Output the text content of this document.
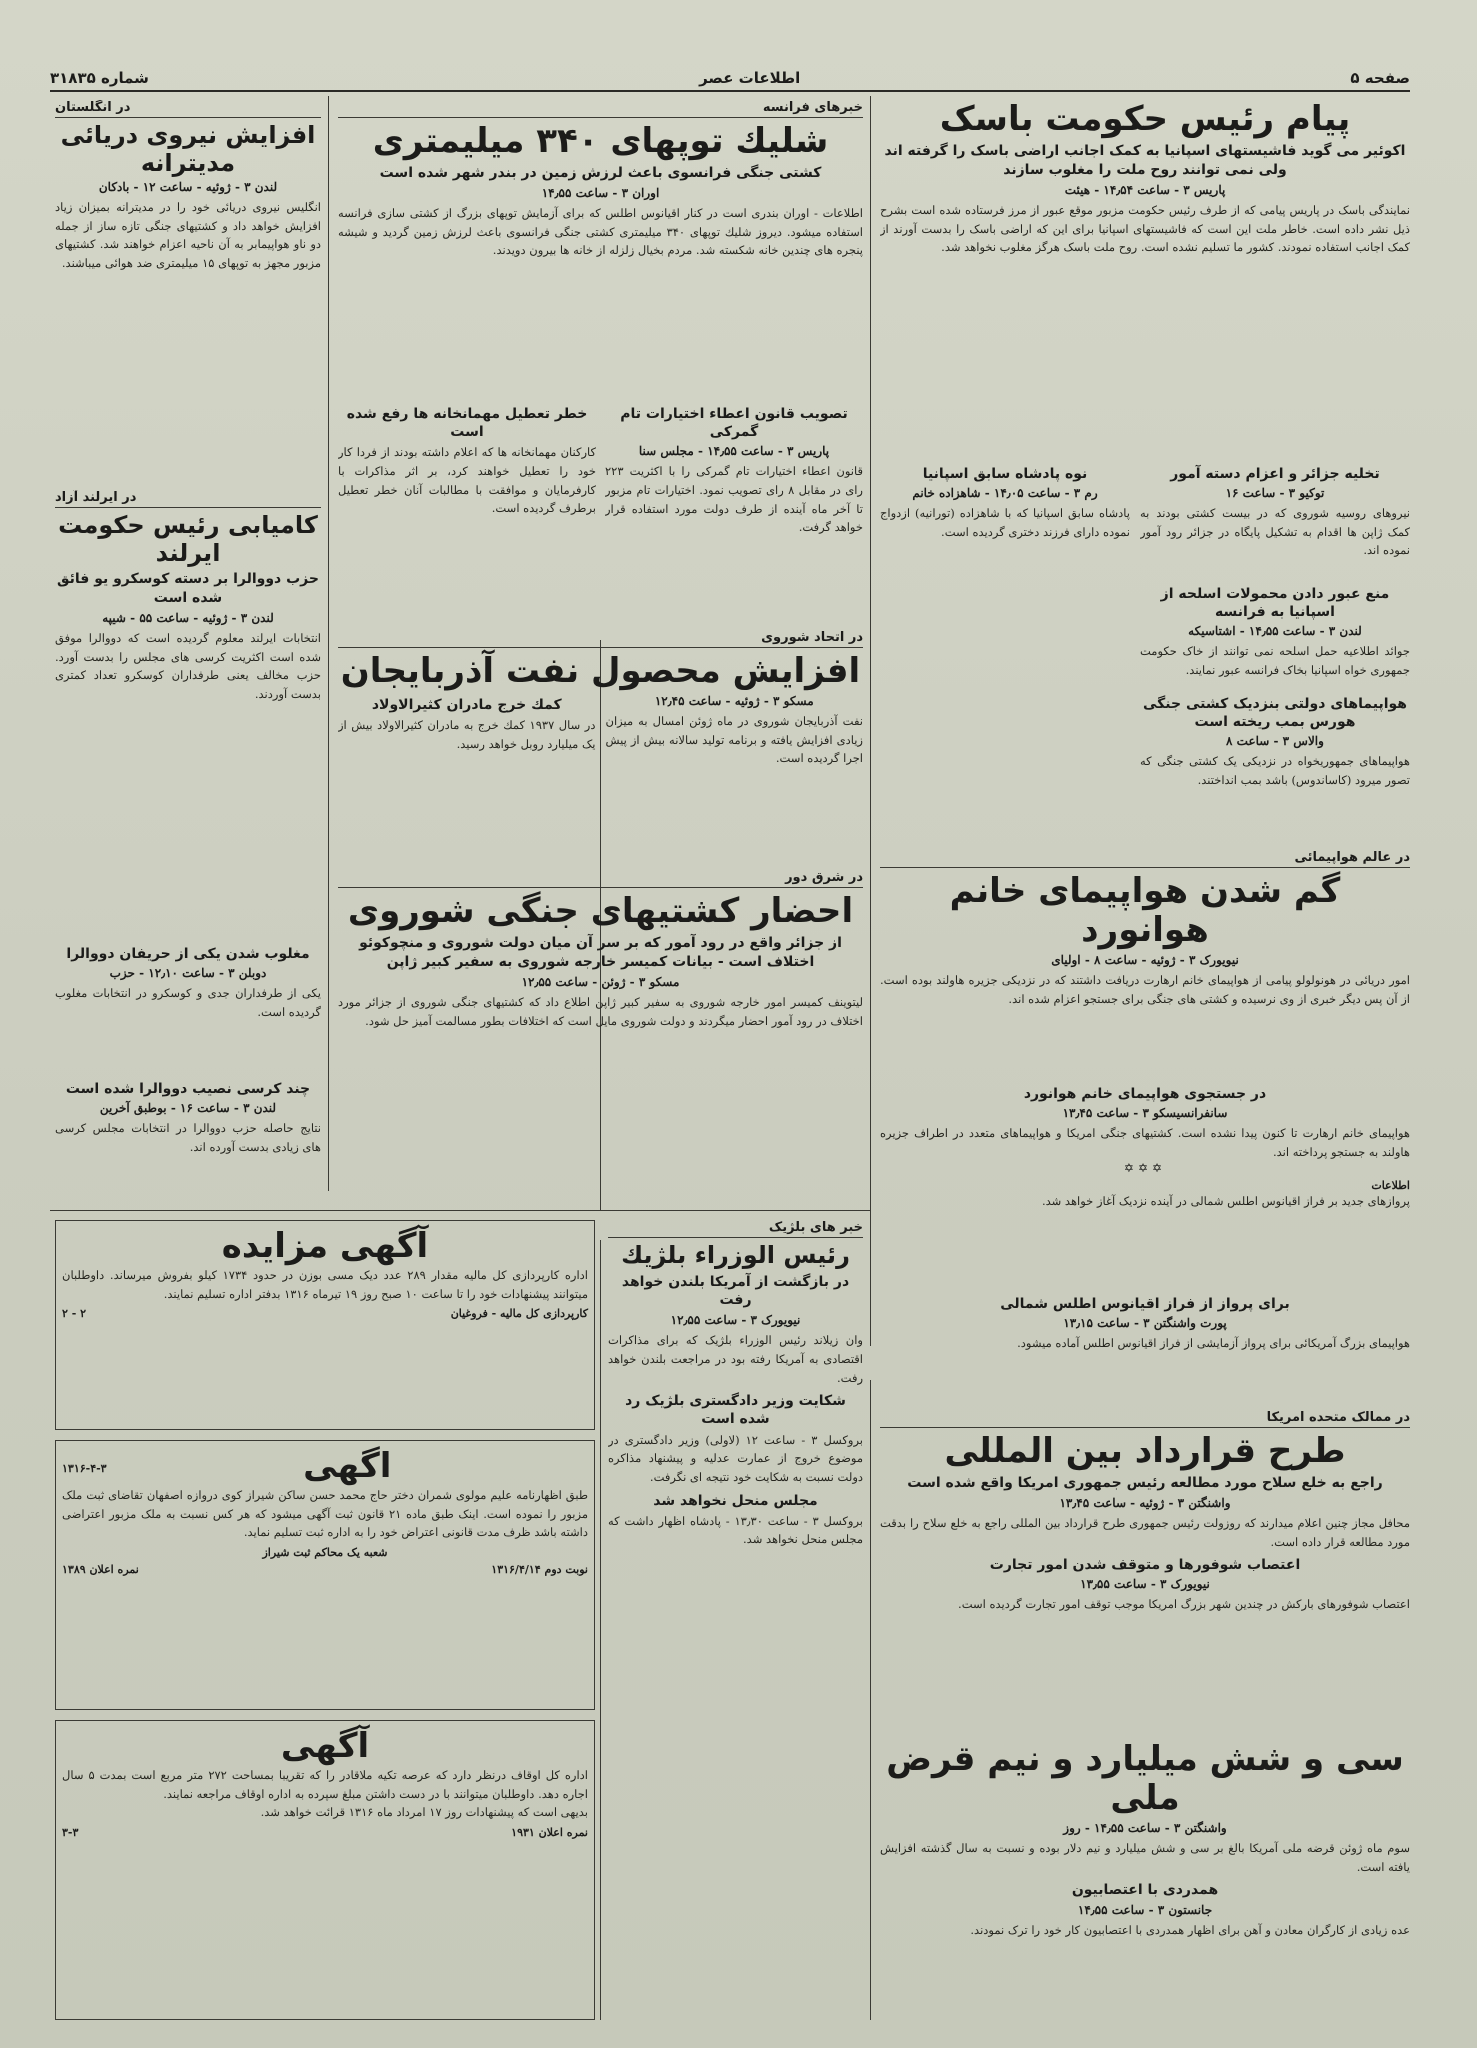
صفحه ۵
اطلاعات عصر
شماره ۳۱۸۳۵
پیام رئیس حکومت باسک
اکوئیر می گوید فاشیستهای اسپانیا به کمک اجانب اراضی باسک را گرفته اند ولی نمی توانند روح ملت را مغلوب سازند
پاریس ۳ - ساعت ۱۴٫۵۴ - هیئت
نمایندگی باسک در پاریس پیامی که از طرف رئیس حکومت مزبور موقع عبور از مرز فرستاده شده است بشرح ذیل نشر داده است. خاطر ملت این است که فاشیستهای اسپانیا برای این که اراضی باسک را بدست آورند از کمک اجانب استفاده نمودند. کشور ما تسلیم نشده است. روح ملت باسک هرگز مغلوب نخواهد شد.
تخلیه جزائر و اعزام دسته آمور
توکیو ۳ - ساعت ۱۶
نیروهای روسیه شوروی که در بیست کشتی بودند به کمک ژاپن ها اقدام به تشکیل پایگاه در جزائر رود آمور نموده اند.
منع عبور دادن محمولات اسلحه از اسپانیا به فرانسه
لندن ۳ - ساعت ۱۴٫۵۵ - اشتاسیکه
جوائد اطلاعیه حمل اسلحه نمی توانند از خاک حکومت جمهوری خواه اسپانیا بخاک فرانسه عبور نمایند.
هواپیماهای دولتی بنزدیک کشتی جنگی هورس بمب ریخته است
والاس ۳ - ساعت ۸
هواپیماهای جمهوریخواه در نزدیکی یک کشتی جنگی که تصور میرود (کاساندوس) باشد بمب انداختند.
نوه پادشاه سابق اسپانیا
رم ۳ - ساعت ۱۴٫۰۵ - شاهزاده خانم
پادشاه سابق اسپانیا که با شاهزاده (تورانیه) ازدواج نموده دارای فرزند دختری گردیده است.
در عالم هواپیمائی
گم شدن هواپیمای خانم هوانورد
نیویورک ۳ - ژوئیه - ساعت ۸ - اولیای
امور دریائی در هونولولو پیامی از هواپیمای خانم ارهارت دریافت داشتند که در نزدیکی جزیره هاولند بوده است. از آن پس دیگر خبری از وی نرسیده و کشتی های جنگی برای جستجو اعزام شده اند.
در جستجوی هواپیمای خانم هوانورد
سانفرانسیسکو ۳ - ساعت ۱۳٫۴۵
هواپیمای خانم ارهارت تا کنون پیدا نشده است. کشتیهای جنگی امریکا و هواپیماهای متعدد در اطراف جزیره هاولند به جستجو پرداخته اند.
✡✡✡
اطلاعات
پروازهای جدید بر فراز اقیانوس اطلس شمالی در آینده نزدیک آغاز خواهد شد.
برای پرواز از فراز اقیانوس اطلس شمالی
پورت واشنگتن ۳ - ساعت ۱۳٫۱۵
هواپیمای بزرگ آمریکائی برای پرواز آزمایشی از فراز اقیانوس اطلس آماده میشود.
در ممالک متحده امریکا
طرح قرارداد بین المللی
راجع به خلع سلاح مورد مطالعه رئیس جمهوری امریکا واقع شده است
واشنگتن ۳ - ژوئیه - ساعت ۱۳٫۴۵
محافل مجاز چنین اعلام میدارند که روزولت رئیس جمهوری طرح قرارداد بین المللی راجع به خلع سلاح را بدقت مورد مطالعه قرار داده است.
اعتصاب شوفورها و متوقف شدن امور تجارت
نیویورک ۳ - ساعت ۱۳٫۵۵
اعتصاب شوفورهای بارکش در چندین شهر بزرگ امریکا موجب توقف امور تجارت گردیده است.
سی و شش میلیارد و نیم قرض ملی
واشنگتن ۳ - ساعت ۱۴٫۵۵ - روز
سوم ماه ژوئن قرضه ملی آمریکا بالغ بر سی و شش میلیارد و نیم دلار بوده و نسبت به سال گذشته افزایش یافته است.
همدردی با اعتصابیون
جانستون ۳ - ساعت ۱۴٫۵۵
عده زیادی از کارگران معادن و آهن برای اظهار همدردی با اعتصابیون کار خود را ترک نمودند.
خبرهای فرانسه
شلیك توپهای ۳۴۰ میلیمتری
کشتی جنگی فرانسوی باعث لرزش زمین در بندر شهر شده است
اوران ۳ - ساعت ۱۴٫۵۵
اطلاعات - اوران بندری است در کنار اقیانوس اطلس که برای آزمایش توپهای بزرگ از کشتی سازی فرانسه استفاده میشود. دیروز شلیك توپهای ۳۴۰ میلیمتری کشتی جنگی فرانسوی باعث لرزش زمین گردید و شیشه پنجره های چندین خانه شکسته شد. مردم بخیال زلزله از خانه ها بیرون دویدند.
تصویب قانون اعطاء اختیارات تام گمرکی
پاریس ۳ - ساعت ۱۴٫۵۵ - مجلس سنا
قانون اعطاء اختیارات تام گمرکی را با اکثریت ۲۲۳ رای در مقابل ۸ رای تصویب نمود. اختیارات تام مزبور تا آخر ماه آینده از طرف دولت مورد استفاده قرار خواهد گرفت.
خطر تعطیل مهمانخانه ها رفع شده است
کارکنان مهمانخانه ها که اعلام داشته بودند از فردا کار خود را تعطیل خواهند کرد، بر اثر مذاکرات با کارفرمایان و موافقت با مطالبات آنان خطر تعطیل برطرف گردیده است.
در اتحاد شوروی
افزایش محصول نفت آذربایجان
مسکو ۳ - ژوئیه - ساعت ۱۲٫۴۵
نفت آذربایجان شوروی در ماه ژوئن امسال به میزان زیادی افزایش یافته و برنامه تولید سالانه بیش از پیش اجرا گردیده است.
کمك خرج مادران کثیرالاولاد
در سال ۱۹۳۷ کمك خرج به مادران کثیرالاولاد بیش از یک میلیارد روبل خواهد رسید.
در شرق دور
احضار کشتیهای جنگی شوروی
از جزائر واقع در رود آمور که بر سر آن میان دولت شوروی و منچوکوئو اختلاف است - بیانات کمیسر خارجه شوروی به سفیر کبیر ژاپن
مسکو ۳ - ژوئن - ساعت ۱۲٫۵۵
لیتوینف کمیسر امور خارجه شوروی به سفیر کبیر ژاپن اطلاع داد که کشتیهای جنگی شوروی از جزائر مورد اختلاف در رود آمور احضار میگردند و دولت شوروی مایل است که اختلافات بطور مسالمت آمیز حل شود.
خبر های بلژیک
رئیس الوزراء بلژیك
در بازگشت از آمریکا بلندن خواهد رفت
نیویورک ۳ - ساعت ۱۲٫۵۵
وان زیلاند رئیس الوزراء بلژیک که برای مذاکرات اقتصادی به آمریکا رفته بود در مراجعت بلندن خواهد رفت.
شکایت وزیر دادگستری بلژیک رد شده است
بروکسل ۳ - ساعت ۱۲ (لاولی) وزیر دادگستری در موضوع خروج از عمارت عدلیه و پیشنهاد مذاکره دولت نسبت به شکایت خود نتیجه ای نگرفت.
مجلس منحل نخواهد شد
بروکسل ۳ - ساعت ۱۳٫۳۰ - پادشاه اظهار داشت که مجلس منحل نخواهد شد.
در انگلستان
افزایش نیروی دریائی مدیترانه
لندن ۳ - ژوئیه - ساعت ۱۲ - بادکان
انگلیس نیروی دریائی خود را در مدیترانه بمیزان زیاد افزایش خواهد داد و کشتیهای جنگی تازه ساز از جمله دو ناو هواپیمابر به آن ناحیه اعزام خواهند شد. کشتیهای مزبور مجهز به توپهای ۱۵ میلیمتری ضد هوائی میباشند.
در ایرلند آزاد
کامیابی رئیس حکومت ایرلند
حزب دووالرا بر دسته کوسکرو یو فائق شده است
لندن ۳ - ژوئیه - ساعت ۵۵ - شیپه
انتخابات ایرلند معلوم گردیده است که دووالرا موفق شده است اکثریت کرسی های مجلس را بدست آورد. حزب مخالف یعنی طرفداران کوسکرو تعداد کمتری بدست آوردند.
مغلوب شدن یکی از حریفان دووالرا
دوبلن ۳ - ساعت ۱۲٫۱۰ - حزب
یکی از طرفداران جدی و کوسکرو در انتخابات مغلوب گردیده است.
چند کرسی نصیب دووالرا شده است
لندن ۳ - ساعت ۱۶ - بوطبق آخرین
نتایج حاصله حزب دووالرا در انتخابات مجلس کرسی های زیادی بدست آورده اند.
آگهی مزایده
اداره کارپردازی کل مالیه مقدار ۲۸۹ عدد دیک مسی بوزن در حدود ۱۷۳۴ کیلو بفروش میرساند. داوطلبان میتوانند پیشنهادات خود را تا ساعت ۱۰ صبح روز ۱۹ تیرماه ۱۳۱۶ بدفتر اداره تسلیم نمایند.
کارپردازی کل مالیه - فروغیان
۲ - ۲
اگهی
۱۳۱۶-۴-۳
طبق اظهارنامه علیم مولوی شمران دختر حاج محمد حسن ساکن شیراز کوی دروازه اصفهان تقاضای ثبت ملک مزبور را نموده است. اینک طبق ماده ۲۱ قانون ثبت آگهی میشود که هر کس نسبت به ملک مزبور اعتراضی داشته باشد ظرف مدت قانونی اعتراض خود را به اداره ثبت تسلیم نماید.
شعبه یک محاکم ثبت شیراز
نوبت دوم ۱۳۱۶/۴/۱۴
نمره اعلان ۱۳۸۹
آگهی
اداره کل اوقاف درنظر دارد که عرصه تکیه ملاقادر را که تقریبا بمساحت ۲۷۲ متر مربع است بمدت ۵ سال اجاره دهد. داوطلبان میتوانند با در دست داشتن مبلغ سپرده به اداره اوقاف مراجعه نمایند.
بدیهی است که پیشنهادات روز ۱۷ امرداد ماه ۱۳۱۶ قرائت خواهد شد.
نمره اعلان ۱۹۳۱
۳-۳
